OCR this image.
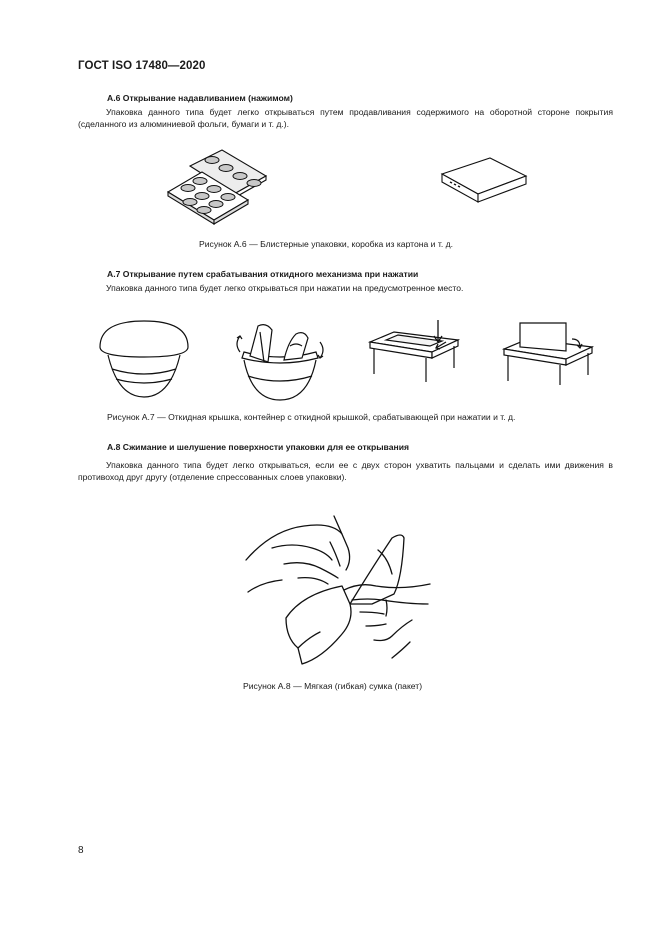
ГОСТ ISO 17480—2020
А.6 Открывание надавливанием (нажимом)
Упаковка данного типа будет легко открываться путем продавливания содержимого на оборотной стороне покрытия (сделанного из алюминиевой фольги, бумаги и т. д.).
Рисунок А.6 — Блистерные упаковки, коробка из картона и т. д.
А.7 Открывание путем срабатывания откидного механизма при нажатии
Упаковка данного типа будет легко открываться при нажатии на предусмотренное место.
Рисунок А.7 — Откидная крышка, контейнер с откидной крышкой, срабатывающей при нажатии и т. д.
А.8 Сжимание и шелушение поверхности упаковки для ее открывания
Упаковка данного типа будет легко открываться, если ее с двух сторон ухватить пальцами и сделать ими движения в противоход друг другу (отделение спрессованных слоев упаковки).
Рисунок А.8 — Мягкая (гибкая) сумка (пакет)
8
